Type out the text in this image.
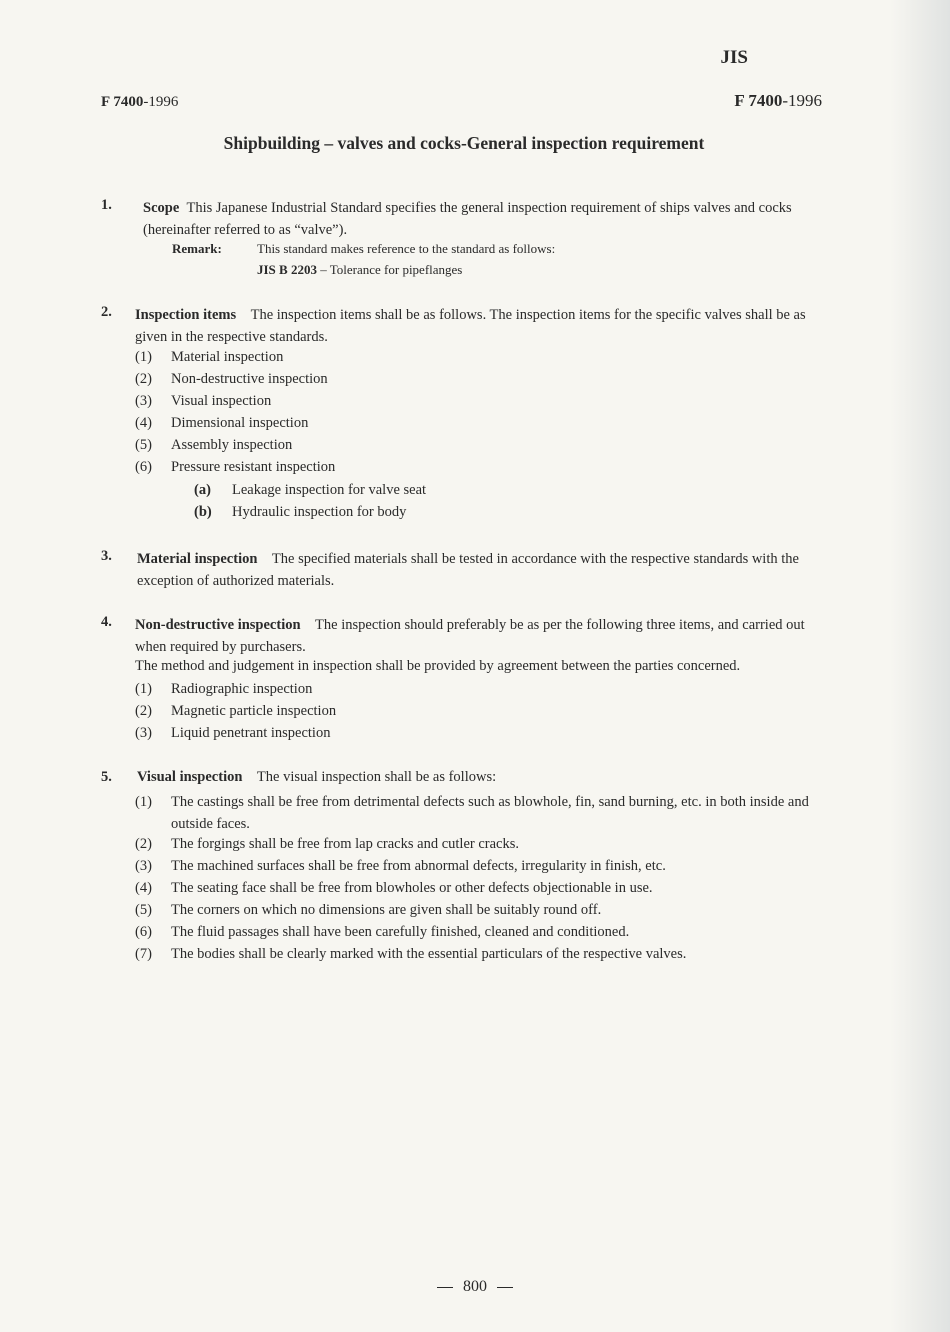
JIS
F 7400-1996	F 7400-1996
Shipbuilding – valves and cocks-General inspection requirement
1. Scope This Japanese Industrial Standard specifies the general inspection requirement of ships valves and cocks (hereinafter referred to as “valve”).
Remark:	This standard makes reference to the standard as follows:
JIS B 2203 – Tolerance for pipeflanges
2. Inspection items The inspection items shall be as follows. The inspection items for the specific valves shall be as given in the respective standards.
(1) Material inspection
(2) Non-destructive inspection
(3) Visual inspection
(4) Dimensional inspection
(5) Assembly inspection
(6) Pressure resistant inspection
(a) Leakage inspection for valve seat
(b) Hydraulic inspection for body
3. Material inspection The specified materials shall be tested in accordance with the respective standards with the exception of authorized materials.
4. Non-destructive inspection The inspection should preferably be as per the following three items, and carried out when required by purchasers.
The method and judgement in inspection shall be provided by agreement between the parties concerned.
(1) Radiographic inspection
(2) Magnetic particle inspection
(3) Liquid penetrant inspection
5. Visual inspection The visual inspection shall be as follows:
(1)	The castings shall be free from detrimental defects such as blowhole, fin, sand burning, etc. in both inside and outside faces.
(2) The forgings shall be free from lap cracks and cutler cracks.
(3) The machined surfaces shall be free from abnormal defects, irregularity in finish, etc.
(4) The seating face shall be free from blowholes or other defects objectionable in use.
(5) The corners on which no dimensions are given shall be suitably round off.
(6) The fluid passages shall have been carefully finished, cleaned and conditioned.
(7) The bodies shall be clearly marked with the essential particulars of the respective valves.
800
